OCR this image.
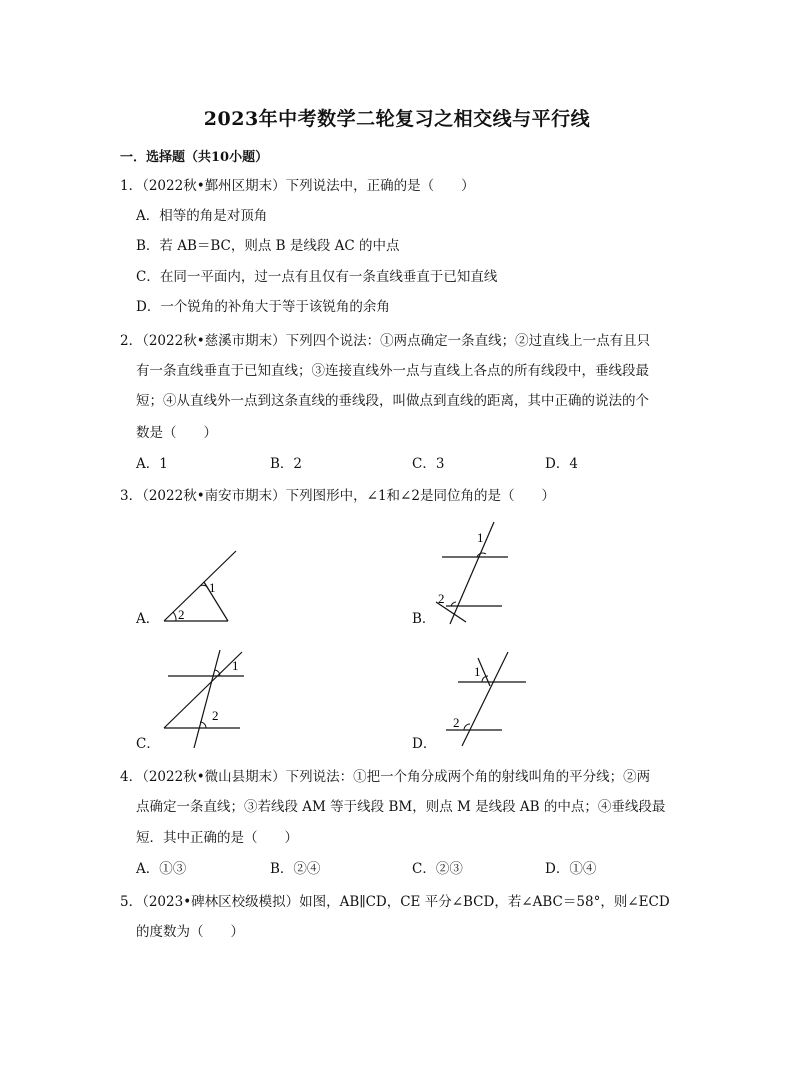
2023年中考数学二轮复习之相交线与平行线
一．选择题（共10小题）
1．（2022秋•鄞州区期末）下列说法中，正确的是（　　）
A．相等的角是对顶角
B．若 AB＝BC，则点 B 是线段 AC 的中点
C．在同一平面内，过一点有且仅有一条直线垂直于已知直线
D．一个锐角的补角大于等于该锐角的余角
2．（2022秋•慈溪市期末）下列四个说法：①两点确定一条直线；②过直线上一点有且只
有一条直线垂直于已知直线；③连接直线外一点与直线上各点的所有线段中，垂线段最
短；④从直线外一点到这条直线的垂线段，叫做点到直线的距离，其中正确的说法的个
数是（　　）
A．1	B．2	C．3	D．4
3．（2022秋•南安市期末）下列图形中，∠1和∠2是同位角的是（　　）
A． 2
1
B．
1
2
C．
1
2
D．
1
2
4．（2022秋•微山县期末）下列说法：①把一个角分成两个角的射线叫角的平分线；②两
点确定一条直线；③若线段 AM 等于线段 BM，则点 M 是线段 AB 的中点；④垂线段最
短．其中正确的是（　　）
A．①③	B．②④	C．②③	D．①④
5．（2023•碑林区校级模拟）如图，AB∥CD，CE 平分∠BCD，若∠ABC＝58°，则∠ECD
的度数为（　　）
